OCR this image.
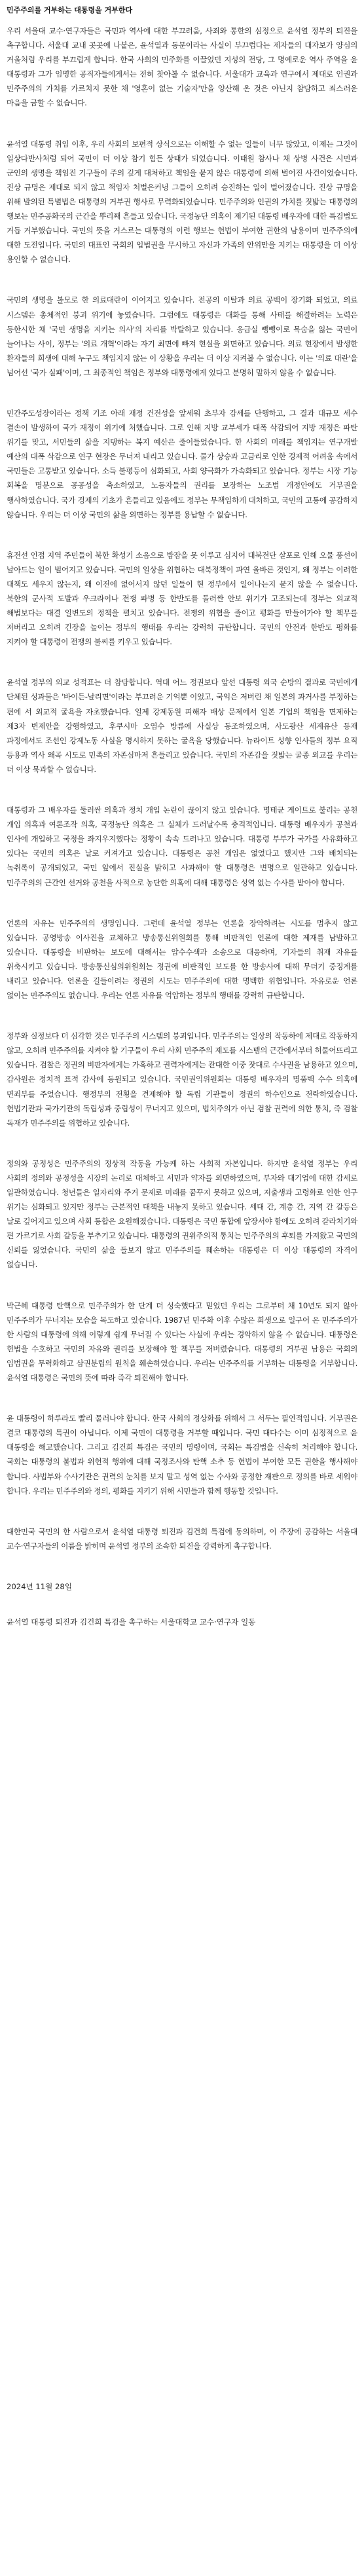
민주주의를 거부하는 대통령을 거부한다

우리 서울대 교수·연구자들은 국민과 역사에 대한 부끄러움, 사죄와 통한의 심정으로 윤석열 정부의 퇴진을 촉구합니다. 서울대 교내 곳곳에 나붙은, 윤석열과 동문이라는 사실이 부끄럽다는 제자들의 대자보가 양심의 거울처럼 우리를 부끄럽게 합니다. 한국 사회의 민주화를 이끌었던 지성의 전당, 그 명예로운 역사 주역을 윤 대통령과 그가 임명한 공직자들에게서는 전혀 찾아볼 수 없습니다. 서울대가 교육과 연구에서 제대로 인권과 민주주의의 가치를 가르치지 못한 채 '영혼이 없는 기술자'만을 양산해 온 것은 아닌지 참담하고 죄스러운 마음을 금할 수 없습니다.

윤석열 대통령 취임 이후, 우리 사회의 보편적 상식으로는 이해할 수 없는 일들이 너무 많았고, 이제는 그것이 일상다반사처럼 되어 국민이 더 이상 참기 힘든 상태가 되었습니다. 이태원 참사나 채 상병 사건은 시민과 군인의 생명을 책임진 기구들이 주의 깊게 대처하고 책임을 묻지 않은 대통령에 의해 벌어진 사건이었습니다. 진상 규명은 제대로 되지 않고 책임자 처벌은커녕 그들이 오히려 승진하는 일이 벌어졌습니다. 진상 규명을 위해 발의된 특별법은 대통령의 거부권 행사로 무력화되었습니다. 민주주의와 인권의 가치를 짓밟는 대통령의 행보는 민주공화국의 근간을 뿌리째 흔들고 있습니다. 국정농단 의혹이 제기된 대통령 배우자에 대한 특검법도 거듭 거부했습니다. 국민의 뜻을 거스르는 대통령의 이런 행보는 헌법이 부여한 권한의 남용이며 민주주의에 대한 도전입니다. 국민의 대표인 국회의 입법권을 무시하고 자신과 가족의 안위만을 지키는 대통령을 더 이상 용인할 수 없습니다.

국민의 생명을 볼모로 한 의료대란이 이어지고 있습니다. 전공의 이탈과 의료 공백이 장기화 되었고, 의료 시스템은 총체적인 붕괴 위기에 놓였습니다. 그럼에도 대통령은 대화를 통해 사태를 해결하려는 노력은 등한시한 채 '국민 생명을 지키는 의사'의 자리를 박탈하고 있습니다. 응급실 뺑뺑이로 목숨을 잃는 국민이 늘어나는 사이, 정부는 '의료 개혁'이라는 자기 최면에 빠져 현실을 외면하고 있습니다. 의료 현장에서 발생한 환자들의 희생에 대해 누구도 책임지지 않는 이 상황을 우리는 더 이상 지켜볼 수 없습니다. 이는 '의료 대란'을 넘어선 '국가 실패'이며, 그 최종적인 책임은 정부와 대통령에게 있다고 분명히 말하지 않을 수 없습니다.

민간주도성장이라는 정책 기조 아래 재정 건전성을 앞세워 초부자 감세를 단행하고, 그 결과 대규모 세수 결손이 발생하여 국가 재정이 위기에 처했습니다. 그로 인해 지방 교부세가 대폭 삭감되어 지방 재정은 파탄 위기를 맞고, 서민들의 삶을 지탱하는 복지 예산은 줄어들었습니다. 한 사회의 미래를 책임지는 연구개발 예산의 대폭 삭감으로 연구 현장은 무너져 내리고 있습니다. 물가 상승과 고금리로 인한 경제적 어려움 속에서 국민들은 고통받고 있습니다. 소득 불평등이 심화되고, 사회 양극화가 가속화되고 있습니다. 정부는 시장 기능 회복을 명분으로 공공성을 축소하였고, 노동자들의 권리를 보장하는 노조법 개정안에도 거부권을 행사하였습니다. 국가 경제의 기초가 흔들리고 있음에도 정부는 무책임하게 대처하고, 국민의 고통에 공감하지 않습니다. 우리는 더 이상 국민의 삶을 외면하는 정부를 용납할 수 없습니다.

휴전선 인접 지역 주민들이 북한 확성기 소음으로 밤잠을 못 이루고 심지어 대북전단 살포로 인해 오물 풍선이 날아드는 일이 벌어지고 있습니다. 국민의 일상을 위협하는 대북정책이 과연 올바른 것인지, 왜 정부는 이러한 대책도 세우지 않는지, 왜 이전에 없어서지 않던 일들이 현 정부에서 일어나는지 묻지 않을 수 없습니다. 북한의 군사적 도발과 우크라이나 전쟁 파병 등 한반도를 둘러싼 안보 위기가 고조되는데 정부는 외교적 해법보다는 대결 일변도의 정책을 펼치고 있습니다. 전쟁의 위협을 줄이고 평화를 만들어가야 할 책무를 저버리고 오히려 긴장을 높이는 정부의 행태를 우리는 강력히 규탄합니다. 국민의 안전과 한반도 평화를 지켜야 할 대통령이 전쟁의 불씨를 키우고 있습니다.

윤석열 정부의 외교 성적표는 더 참담합니다. 역대 어느 정권보다 앞선 대통령 외국 순방의 결과로 국민에게 단체된 성과물은 '바이든-날리면'이라는 부끄러운 기억뿐 이었고, 국익은 저버린 채 일본의 과거사를 부정하는 편에 서 외교적 굴욕을 자초했습니다. 일제 강제동원 피해자 배상 문제에서 일본 기업의 책임을 면제하는 제3자 변제안을 강행하였고, 후쿠시마 오염수 방류에 사실상 동조하였으며, 사도광산 세계유산 등재 과정에서도 조선인 강제노동 사실을 명시하지 못하는 굴욕을 당했습니다. 뉴라이트 성향 인사들의 정부 요직 등용과 역사 왜곡 시도로 민족의 자존심마저 흔들리고 있습니다. 국민의 자존감을 짓밟는 굴종 외교를 우리는 더 이상 묵과할 수 없습니다.

대통령과 그 배우자를 둘러싼 의혹과 정치 개입 논란이 끊이지 않고 있습니다. 명태균 게이트로 불리는 공천 개입 의혹과 여론조작 의혹, 국정농단 의혹은 그 실체가 드러날수록 충격적입니다. 대통령 배우자가 공천과 인사에 개입하고 국정을 좌지우지했다는 정황이 속속 드러나고 있습니다. 대통령 부부가 국가를 사유화하고 있다는 국민의 의혹은 날로 커져가고 있습니다. 대통령은 공천 개입은 없었다고 했지만 그와 배치되는 녹취록이 공개되었고, 국민 앞에서 진실을 밝히고 사과해야 할 대통령은 변명으로 일관하고 있습니다. 민주주의의 근간인 선거와 공천을 사적으로 농단한 의혹에 대해 대통령은 성역 없는 수사를 받아야 합니다.

언론의 자유는 민주주의의 생명입니다. 그런데 윤석열 정부는 언론을 장악하려는 시도를 멈추지 않고 있습니다. 공영방송 이사진을 교체하고 방송통신위원회를 통해 비판적인 언론에 대한 제재를 남발하고 있습니다. 대통령을 비판하는 보도에 대해서는 압수수색과 소송으로 대응하며, 기자들의 취재 자유를 위축시키고 있습니다. 방송통신심의위원회는 정권에 비판적인 보도를 한 방송사에 대해 무더기 중징계를 내리고 있습니다. 언론을 길들이려는 정권의 시도는 민주주의에 대한 명백한 위협입니다. 자유로운 언론 없이는 민주주의도 없습니다. 우리는 언론 자유를 억압하는 정부의 행태를 강력히 규탄합니다.

정부와 실정보다 더 심각한 것은 민주주의 시스템의 붕괴입니다. 민주주의는 일상의 작동하에 제대로 작동하지 않고, 오히려 민주주의를 지켜야 할 기구들이 우리 사회 민주주의 제도를 시스템의 근간에서부터 허물어뜨리고 있습니다. 검찰은 정권의 비판자에게는 가혹하고 권력자에게는 관대한 이중 잣대로 수사권을 남용하고 있으며, 감사원은 정치적 표적 감사에 동원되고 있습니다. 국민권익위원회는 대통령 배우자의 명품백 수수 의혹에 면죄부를 주었습니다. 행정부의 전횡을 견제해야 할 독립 기관들이 정권의 하수인으로 전락하였습니다. 헌법기관과 국가기관의 독립성과 중립성이 무너지고 있으며, 법치주의가 아닌 검찰 권력에 의한 통치, 즉 검찰 독재가 민주주의를 위협하고 있습니다.

정의와 공정성은 민주주의의 정상적 작동을 가능케 하는 사회적 자본입니다. 하지만 윤석열 정부는 우리 사회의 정의와 공정성을 시장의 논리로 대체하고 서민과 약자를 외면하였으며, 부자와 대기업에 대한 감세로 일관하였습니다. 청년들은 일자리와 주거 문제로 미래를 꿈꾸지 못하고 있으며, 저출생과 고령화로 인한 인구 위기는 심화되고 있지만 정부는 근본적인 대책을 내놓지 못하고 있습니다. 세대 간, 계층 간, 지역 간 갈등은 날로 깊어지고 있으며 사회 통합은 요원해졌습니다. 대통령은 국민 통합에 앞장서야 함에도 오히려 갈라치기와 편 가르기로 사회 갈등을 부추기고 있습니다. 대통령의 권위주의적 통치는 민주주의의 후퇴를 가져왔고 국민의 신뢰를 잃었습니다. 국민의 삶을 돌보지 않고 민주주의를 훼손하는 대통령은 더 이상 대통령의 자격이 없습니다.

박근혜 대통령 탄핵으로 민주주의가 한 단계 더 성숙했다고 믿었던 우리는 그로부터 채 10년도 되지 않아 민주주의가 무너지는 모습을 목도하고 있습니다. 1987년 민주화 이후 수많은 희생으로 일구어 온 민주주의가 한 사람의 대통령에 의해 이렇게 쉽게 무너질 수 있다는 사실에 우리는 경악하지 않을 수 없습니다. 대통령은 헌법을 수호하고 국민의 자유와 권리를 보장해야 할 책무를 저버렸습니다. 대통령의 거부권 남용은 국회의 입법권을 무력화하고 삼권분립의 원칙을 훼손하였습니다. 우리는 민주주의를 거부하는 대통령을 거부합니다. 윤석열 대통령은 국민의 뜻에 따라 즉각 퇴진해야 합니다.

윤 대통령이 하루라도 빨리 물러나야 합니다. 한국 사회의 정상화를 위해서 그 서두는 필연적입니다. 거부권은 결코 대통령의 특권이 아닙니다. 이제 국민이 대통령을 거부할 때입니다. 국민 대다수는 이미 심정적으로 윤 대통령을 해고했습니다. 그리고 김건희 특검은 국민의 명령이며, 국회는 특검법을 신속히 처리해야 합니다. 국회는 대통령의 불법과 위헌적 행위에 대해 국정조사와 탄핵 소추 등 헌법이 부여한 모든 권한을 행사해야 합니다. 사법부와 수사기관은 권력의 눈치를 보지 말고 성역 없는 수사와 공정한 재판으로 정의를 바로 세워야 합니다. 우리는 민주주의와 정의, 평화를 지키기 위해 시민들과 함께 행동할 것입니다.

대한민국 국민의 한 사람으로서 윤석열 대통령 퇴진과 김건희 특검에 동의하며, 이 주장에 공감하는 서울대 교수·연구자들의 이름을 밝히며 윤석열 정부의 조속한 퇴진을 강력하게 촉구합니다.

2024년 11월 28일
윤석열 대통령 퇴진과 김건희 특검을 촉구하는 서울대학교 교수·연구자 일동
